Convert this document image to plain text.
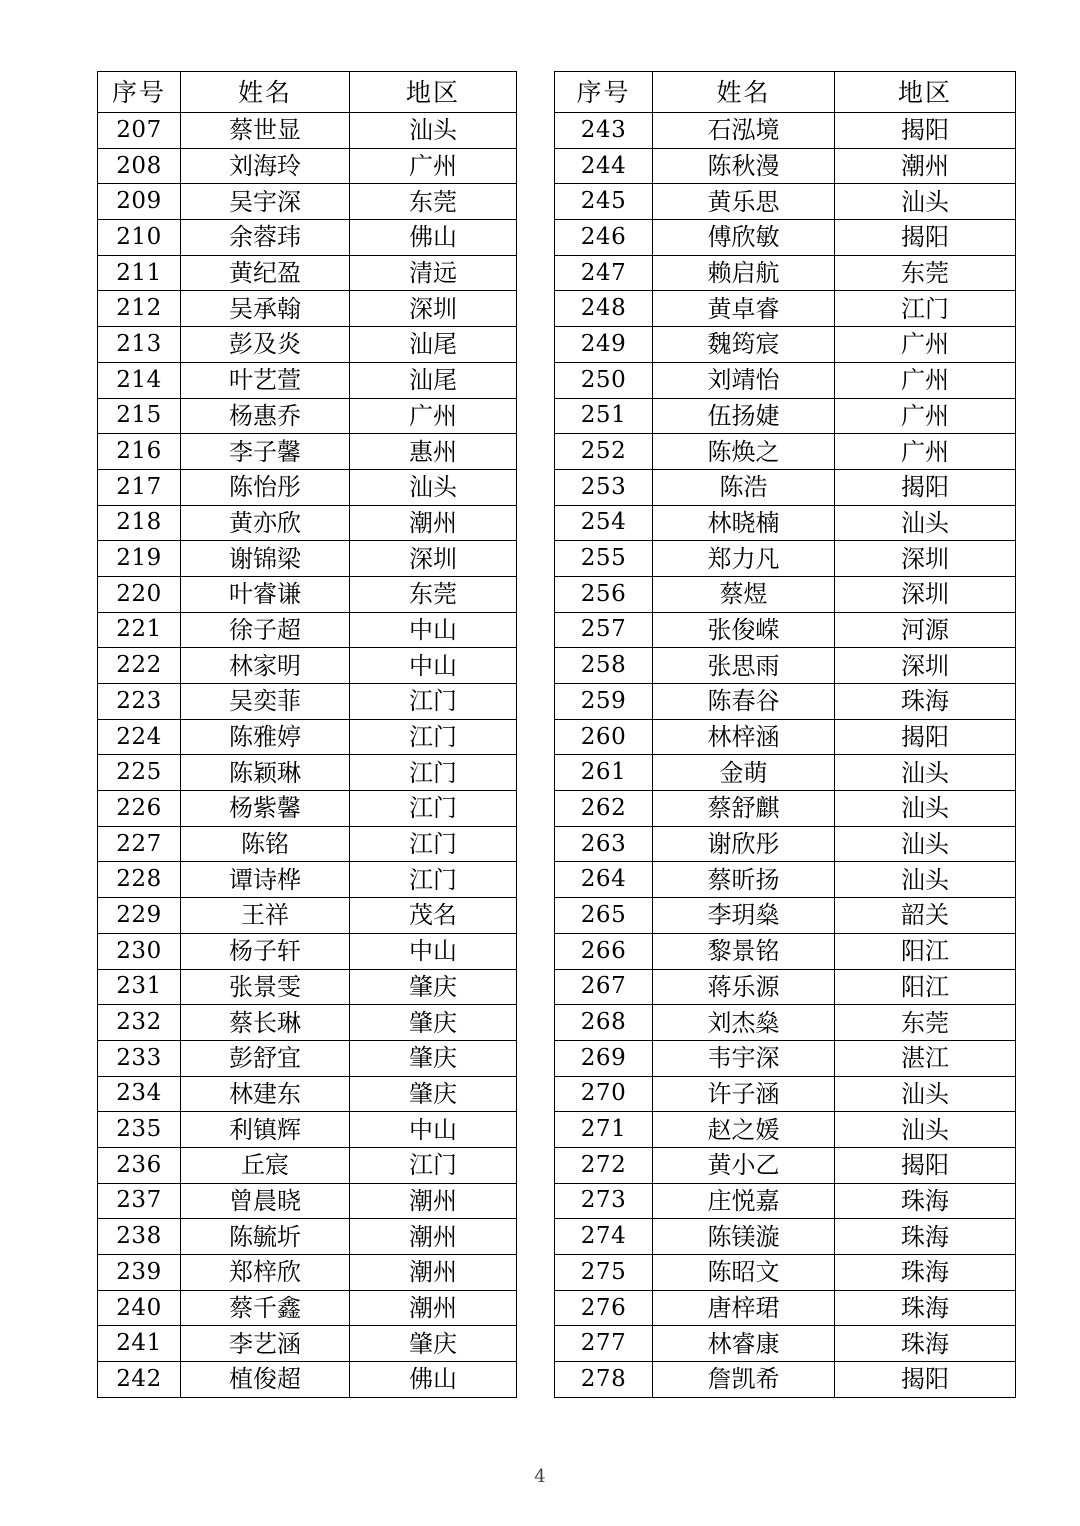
序号	姓名	地区
207	蔡世显	汕头
208	刘海玲	广州
209	吴宇深	东莞
210	余蓉玮	佛山
211	黄纪盈	清远
212	吴承翰	深圳
213	彭及炎	汕尾
214	叶艺萱	汕尾
215	杨惠乔	广州
216	李子馨	惠州
217	陈怡彤	汕头
218	黄亦欣	潮州
219	谢锦梁	深圳
220	叶睿谦	东莞
221	徐子超	中山
222	林家明	中山
223	吴奕菲	江门
224	陈雅婷	江门
225	陈颖琳	江门
226	杨紫馨	江门
227	陈铭	江门
228	谭诗桦	江门
229	王祥	茂名
230	杨子轩	中山
231	张景雯	肇庆
232	蔡长琳	肇庆
233	彭舒宜	肇庆
234	林建东	肇庆
235	利镇辉	中山
236	丘宸	江门
237	曾晨晓	潮州
238	陈毓圻	潮州
239	郑梓欣	潮州
240	蔡千鑫	潮州
241	李艺涵	肇庆
242	植俊超	佛山
序号	姓名	地区
243	石泓境	揭阳
244	陈秋漫	潮州
245	黄乐思	汕头
246	傅欣敏	揭阳
247	赖启航	东莞
248	黄卓睿	江门
249	魏筠宸	广州
250	刘靖怡	广州
251	伍扬婕	广州
252	陈焕之	广州
253	陈浩	揭阳
254	林晓楠	汕头
255	郑力凡	深圳
256	蔡煜	深圳
257	张俊嵘	河源
258	张思雨	深圳
259	陈春谷	珠海
260	林梓涵	揭阳
261	金萌	汕头
262	蔡舒麒	汕头
263	谢欣彤	汕头
264	蔡昕扬	汕头
265	李玥燊	韶关
266	黎景铭	阳江
267	蒋乐源	阳江
268	刘杰燊	东莞
269	韦宇深	湛江
270	许子涵	汕头
271	赵之媛	汕头
272	黄小乙	揭阳
273	庄悦嘉	珠海
274	陈镁漩	珠海
275	陈昭文	珠海
276	唐梓珺	珠海
277	林睿康	珠海
278	詹凯希	揭阳
4
